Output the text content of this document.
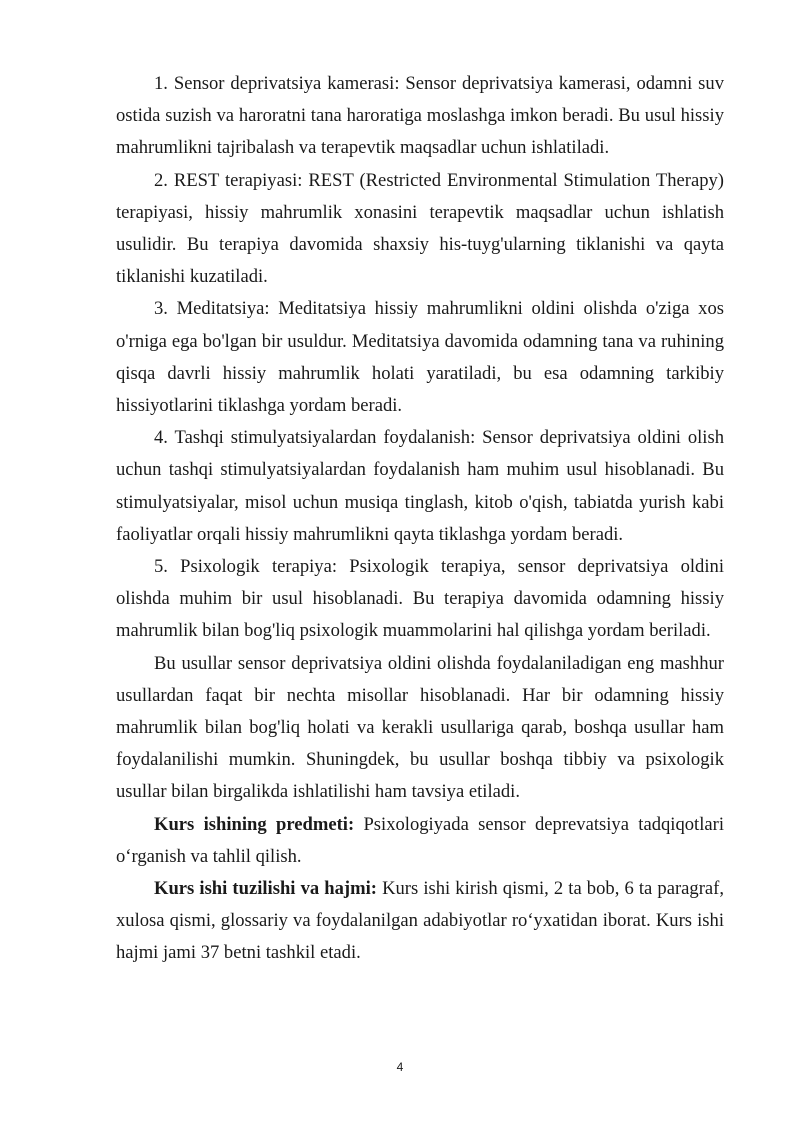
1. Sensor deprivatsiya kamerasi: Sensor deprivatsiya kamerasi, odamni suv ostida suzish va haroratni tana haroratiga moslashga imkon beradi. Bu usul hissiy mahrumlikni tajribalash va terapevtik maqsadlar uchun ishlatiladi.

2. REST terapiyasi: REST (Restricted Environmental Stimulation Therapy) terapiyasi, hissiy mahrumlik xonasini terapevtik maqsadlar uchun ishlatish usulidir. Bu terapiya davomida shaxsiy his-tuyg'ularning tiklanishi va qayta tiklanishi kuzatiladi.

3. Meditatsiya: Meditatsiya hissiy mahrumlikni oldini olishda o'ziga xos o'rniga ega bo'lgan bir usuldur. Meditatsiya davomida odamning tana va ruhining qisqa davrli hissiy mahrumlik holati yaratiladi, bu esa odamning tarkibiy hissiyotlarini tiklashga yordam beradi.

4. Tashqi stimulyatsiyalardan foydalanish: Sensor deprivatsiya oldini olish uchun tashqi stimulyatsiyalardan foydalanish ham muhim usul hisoblanadi. Bu stimulyatsiyalar, misol uchun musiqa tinglash, kitob o'qish, tabiatda yurish kabi faoliyatlar orqali hissiy mahrumlikni qayta tiklashga yordam beradi.

5. Psixologik terapiya: Psixologik terapiya, sensor deprivatsiya oldini olishda muhim bir usul hisoblanadi. Bu terapiya davomida odamning hissiy mahrumlik bilan bog'liq psixologik muammolarini hal qilishga yordam beriladi.

Bu usullar sensor deprivatsiya oldini olishda foydalaniladigan eng mashhur usullardan faqat bir nechta misollar hisoblanadi. Har bir odamning hissiy mahrumlik bilan bog'liq holati va kerakli usullariga qarab, boshqa usullar ham foydalanilishi mumkin. Shuningdek, bu usullar boshqa tibbiy va psixologik usullar bilan birgalikda ishlatilishi ham tavsiya etiladi.

Kurs ishining predmeti: Psixologiyada sensor deprevatsiya tadqiqotlari o‘rganish va tahlil qilish.

Kurs ishi tuzilishi va hajmi: Kurs ishi kirish qismi, 2 ta bob, 6 ta paragraf, xulosa qismi, glossariy va foydalanilgan adabiyotlar ro‘yxatidan iborat. Kurs ishi hajmi jami 37 betni tashkil etadi.

4
